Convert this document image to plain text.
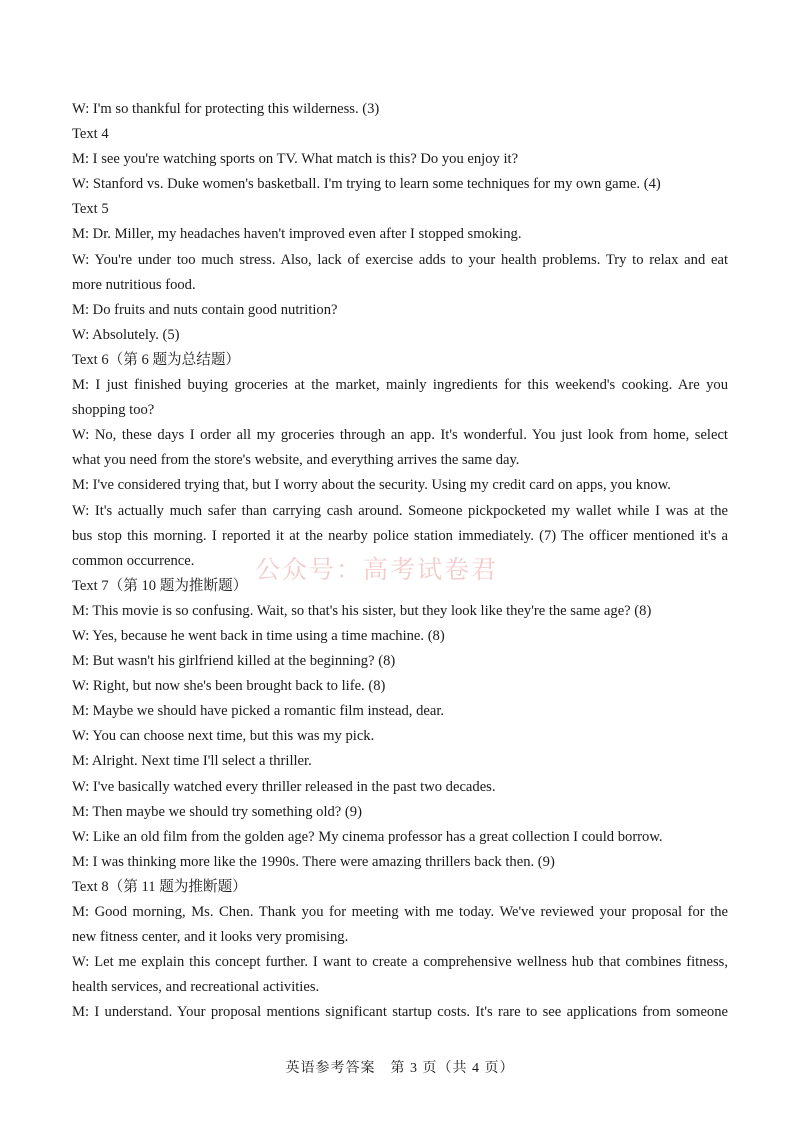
W: I'm so thankful for protecting this wilderness. (3)
Text 4
M: I see you're watching sports on TV. What match is this? Do you enjoy it?
W: Stanford vs. Duke women's basketball. I'm trying to learn some techniques for my own game. (4)
Text 5
M: Dr. Miller, my headaches haven't improved even after I stopped smoking.
W: You're under too much stress. Also, lack of exercise adds to your health problems. Try to relax and eat
more nutritious food.
M: Do fruits and nuts contain good nutrition?
W: Absolutely. (5)
Text 6（第 6 题为总结题）
M: I just finished buying groceries at the market, mainly ingredients for this weekend's cooking. Are you
shopping too?
W: No, these days I order all my groceries through an app. It's wonderful. You just look from home, select
what you need from the store's website, and everything arrives the same day.
M: I've considered trying that, but I worry about the security. Using my credit card on apps, you know.
W: It's actually much safer than carrying cash around. Someone pickpocketed my wallet while I was at the
bus stop this morning. I reported it at the nearby police station immediately. (7) The officer mentioned it's a
common occurrence.
Text 7（第 10 题为推断题）
M: This movie is so confusing. Wait, so that's his sister, but they look like they're the same age? (8)
W: Yes, because he went back in time using a time machine. (8)
M: But wasn't his girlfriend killed at the beginning? (8)
W: Right, but now she's been brought back to life. (8)
M: Maybe we should have picked a romantic film instead, dear.
W: You can choose next time, but this was my pick.
M: Alright. Next time I'll select a thriller.
W: I've basically watched every thriller released in the past two decades.
M: Then maybe we should try something old? (9)
W: Like an old film from the golden age? My cinema professor has a great collection I could borrow.
M: I was thinking more like the 1990s. There were amazing thrillers back then. (9)
Text 8（第 11 题为推断题）
M: Good morning, Ms. Chen. Thank you for meeting with me today. We've reviewed your proposal for the
new fitness center, and it looks very promising.
W: Let me explain this concept further. I want to create a comprehensive wellness hub that combines fitness,
health services, and recreational activities.
M: I understand. Your proposal mentions significant startup costs. It's rare to see applications from someone
公众号：高考试卷君
英语参考答案　第 3 页（共 4 页）
